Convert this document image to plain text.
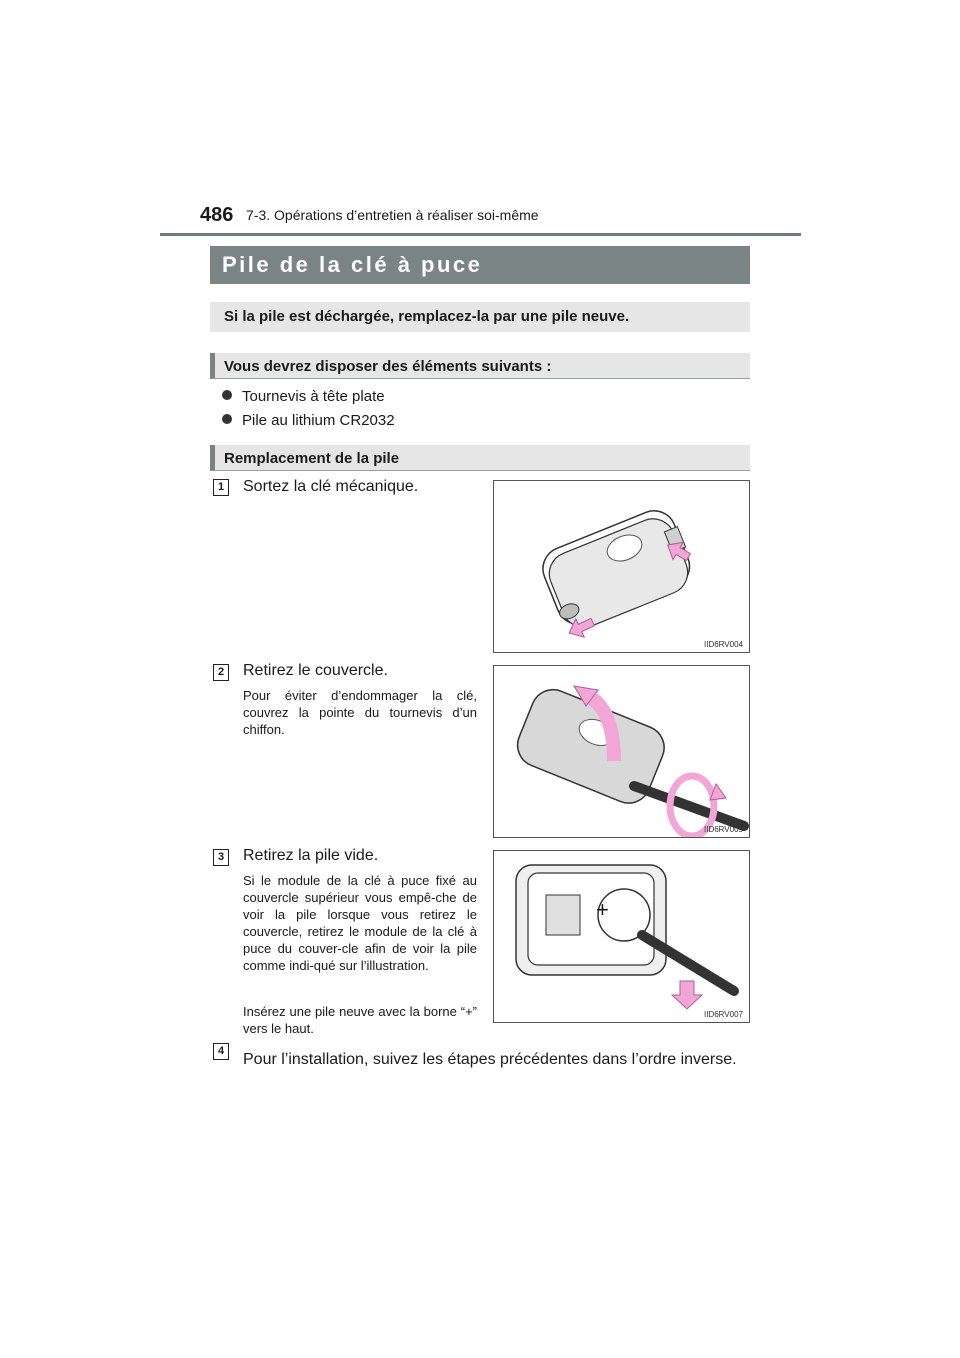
486 7-3. Opérations d’entretien à réaliser soi-même
Pile de la clé à puce
Si la pile est déchargée, remplacez-la par une pile neuve.
Vous devrez disposer des éléments suivants :
Tournevis à tête plate
Pile au lithium CR2032
Remplacement de la pile
1	Sortez la clé mécanique.
IID6RV004
2	Retirez le couvercle.
Pour éviter d’endommager la clé, couvrez la pointe du tournevis d’un chiffon.
IID6RV005
3	Retirez la pile vide.
Si le module de la clé à puce fixé au couvercle supérieur vous empê-che de voir la pile lorsque vous retirez le couvercle, retirez le module de la clé à puce du couver-cle afin de voir la pile comme indi-qué sur l’illustration.
Insérez une pile neuve avec la borne “+” vers le haut.
+
IID6RV007
4	Pour l’installation, suivez les étapes précédentes dans l’ordre inverse.
